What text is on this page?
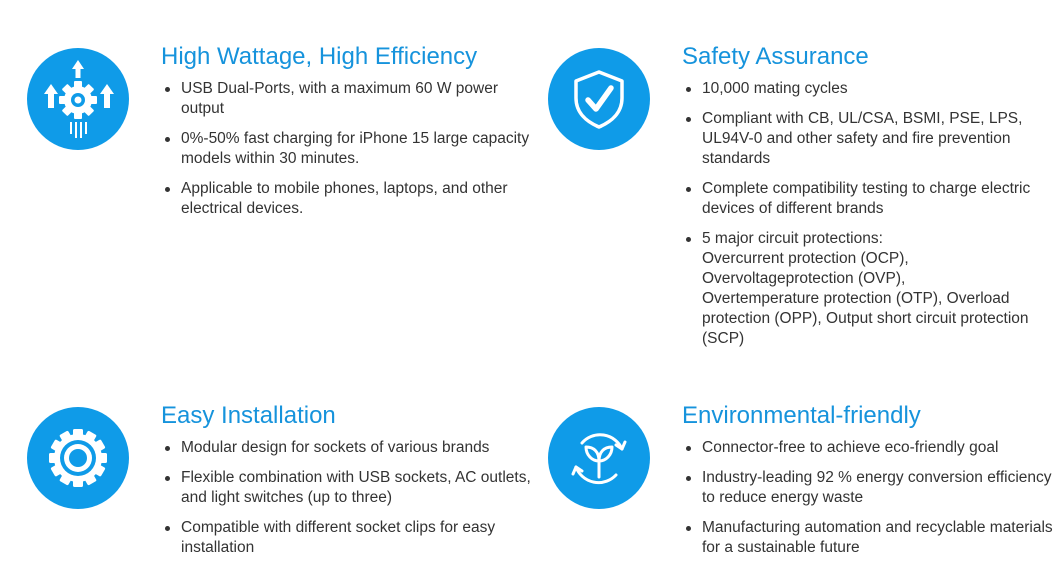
High Wattage, High Efficiency
USB Dual-Ports, with a maximum 60 W power output
0%-50% fast charging for iPhone 15 large capacity models within 30 minutes.
Applicable to mobile phones, laptops, and other electrical devices.
Safety Assurance
10,000 mating cycles
Compliant with CB, UL/CSA, BSMI, PSE, LPS, UL94V-0 and other safety and fire prevention standards
Complete compatibility testing to charge electric devices of different brands
5 major circuit protections:
Overcurrent protection (OCP),
Overvoltageprotection (OVP),
Overtemperature protection (OTP), Overload protection (OPP), Output short circuit protection (SCP)
Easy Installation
Modular design for sockets of various brands
Flexible combination with USB sockets, AC outlets, and light switches (up to three)
Compatible with different socket clips for easy installation
Environmental-friendly
Connector-free to achieve eco-friendly goal
Industry-leading 92 % energy conversion efficiency to reduce energy waste
Manufacturing automation and recyclable materials for a sustainable future
